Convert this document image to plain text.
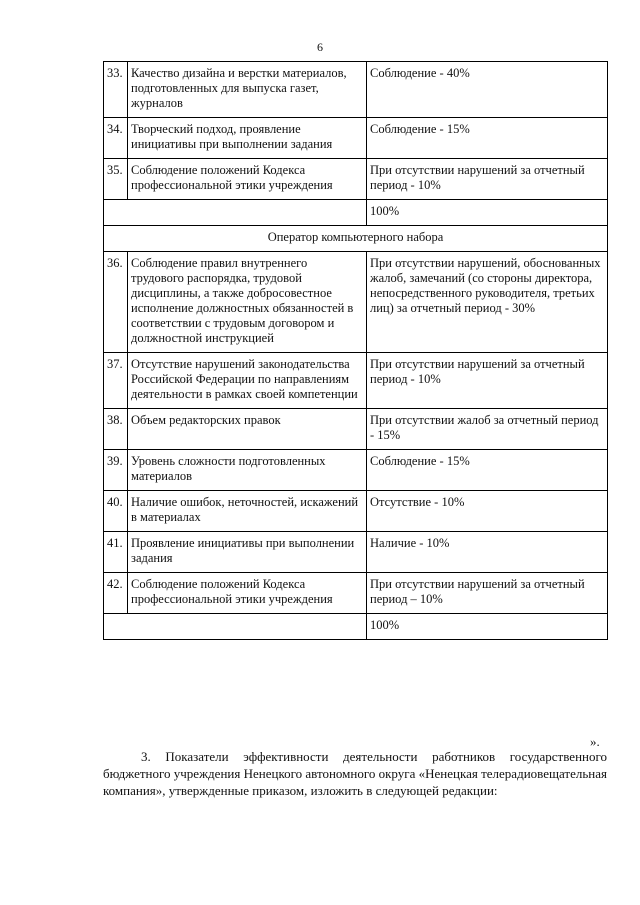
6
33.	Качество дизайна и верстки материалов, подготовленных для выпуска газет, журналов	Соблюдение - 40%
34.	Творческий подход, проявление инициативы при выполнении задания	Соблюдение - 15%
35.	Соблюдение положений Кодекса профессиональной этики учреждения	При отсутствии нарушений за отчетный период - 10%
		100%
Оператор компьютерного набора		
36.	Соблюдение правил внутреннего трудового распорядка, трудовой дисциплины, а также добросовестное исполнение должностных обязанностей в соответствии с трудовым договором и должностной инструкцией	При отсутствии нарушений, обоснованных жалоб, замечаний (со стороны директора, непосредственного руководителя, третьих лиц) за отчетный период - 30%
37.	Отсутствие нарушений законодательства Российской Федерации по направлениям деятельности в рамках своей компетенции	При отсутствии нарушений за отчетный период - 10%
38.	Объем редакторских правок	При отсутствии жалоб за отчетный период - 15%
39.	Уровень сложности подготовленных материалов	Соблюдение - 15%
40.	Наличие ошибок, неточностей, искажений в материалах	Отсутствие - 10%
41.	Проявление инициативы при выполнении задания	Наличие - 10%
42.	Соблюдение положений Кодекса профессиональной этики учреждения	При отсутствии нарушений за отчетный период – 10%
		100%
».

3. Показатели эффективности деятельности работников государственного бюджетного учреждения Ненецкого автономного округа «Ненецкая телерадиовещательная компания», утвержденные приказом, изложить в следующей редакции:
